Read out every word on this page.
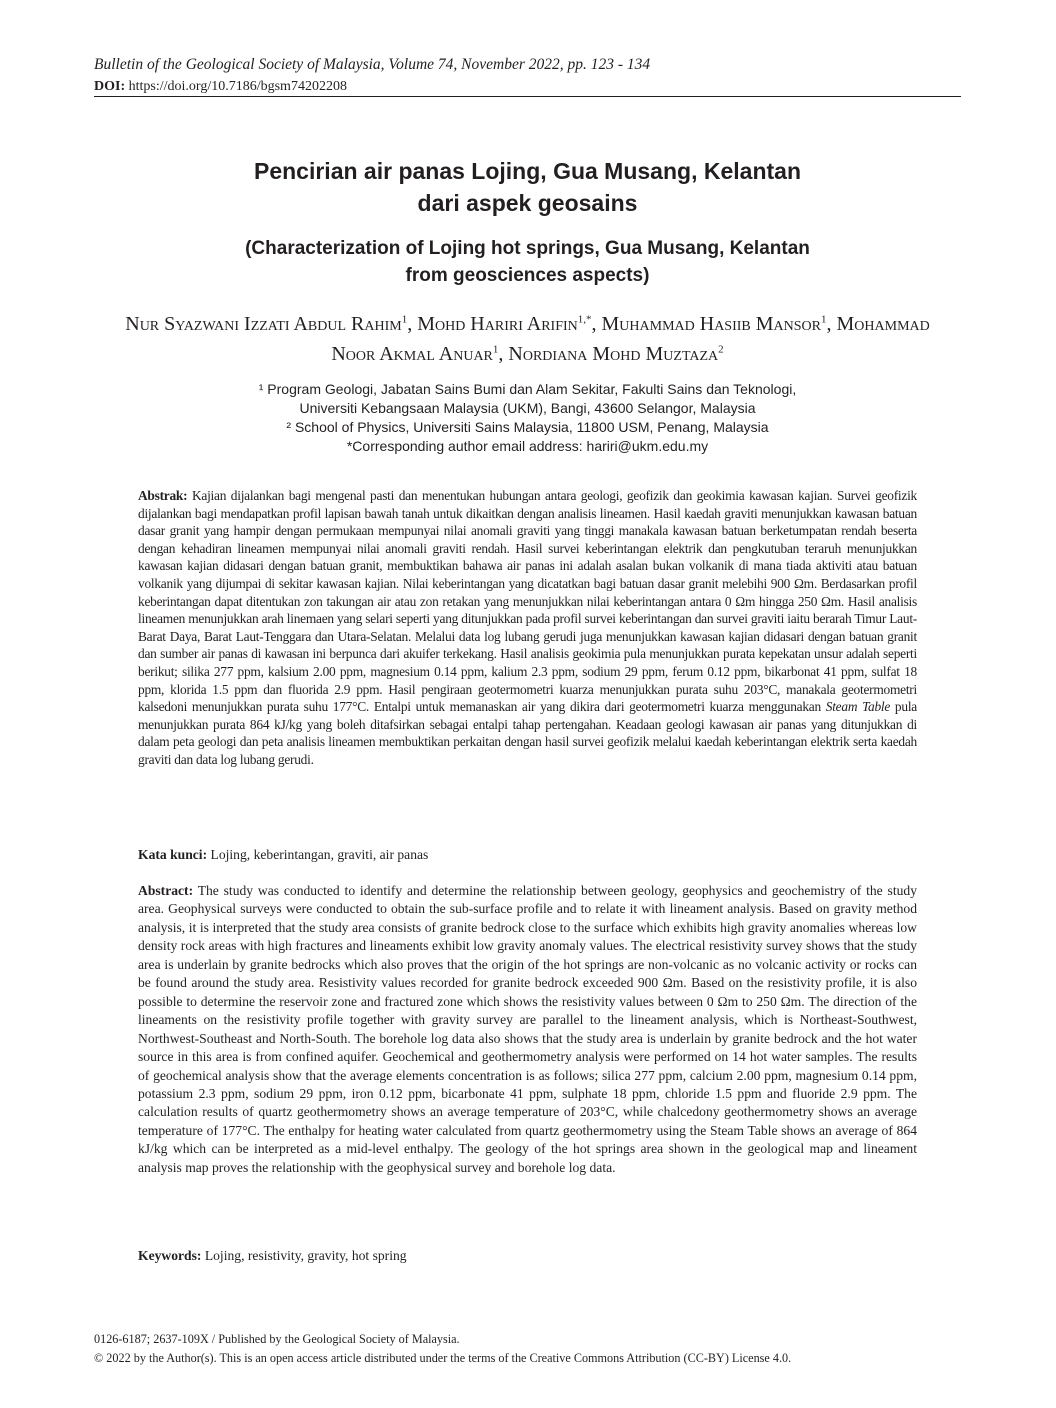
Bulletin of the Geological Society of Malaysia, Volume 74, November 2022, pp. 123 - 134

DOI: https://doi.org/10.7186/bgsm74202208

Pencirian air panas Lojing, Gua Musang, Kelantan
dari aspek geosains
(Characterization of Lojing hot springs, Gua Musang, Kelantan
from geosciences aspects)

Nur Syazwani Izzati Abdul Rahim$^1$, Mohd Hariri Arifin$^{1,*}$, Muhammad Hasiib Mansor$^1$, Mohammad Noor Akmal Anuar$^1$, Nordiana Mohd Muztaza$^2$

¹ Program Geologi, Jabatan Sains Bumi dan Alam Sekitar, Fakulti Sains dan Teknologi,
Universiti Kebangsaan Malaysia (UKM), Bangi, 43600 Selangor, Malaysia
² School of Physics, Universiti Sains Malaysia, 11800 USM, Penang, Malaysia
*Corresponding author email address: hariri@ukm.edu.my

Abstrak: Kajian dijalankan bagi mengenal pasti dan menentukan hubungan antara geologi, geofizik dan geokimia kawasan kajian. Survei geofizik dijalankan bagi mendapatkan profil lapisan bawah tanah untuk dikaitkan dengan analisis lineamen. Hasil kaedah graviti menunjukkan kawasan batuan dasar granit yang hampir dengan permukaan mempunyai nilai anomali graviti yang tinggi manakala kawasan batuan berketumpatan rendah beserta dengan kehadiran lineamen mempunyai nilai anomali graviti rendah. Hasil survei keberintangan elektrik dan pengkutuban teraruh menunjukkan kawasan kajian didasari dengan batuan granit, membuktikan bahawa air panas ini adalah asalan bukan volkanik di mana tiada aktiviti atau batuan volkanik yang dijumpai di sekitar kawasan kajian. Nilai keberintangan yang dicatatkan bagi batuan dasar granit melebihi 900 Ωm. Berdasarkan profil keberintangan dapat ditentukan zon takungan air atau zon retakan yang menunjukkan nilai keberintangan antara 0 Ωm hingga 250 Ωm. Hasil analisis lineamen menunjukkan arah linemaen yang selari seperti yang ditunjukkan pada profil survei keberintangan dan survei graviti iaitu berarah Timur Laut-Barat Daya, Barat Laut-Tenggara dan Utara-Selatan. Melalui data log lubang gerudi juga menunjukkan kawasan kajian didasari dengan batuan granit dan sumber air panas di kawasan ini berpunca dari akuifer terkekang. Hasil analisis geokimia pula menunjukkan purata kepekatan unsur adalah seperti berikut; silika 277 ppm, kalsium 2.00 ppm, magnesium 0.14 ppm, kalium 2.3 ppm, sodium 29 ppm, ferum 0.12 ppm, bikarbonat 41 ppm, sulfat 18 ppm, klorida 1.5 ppm dan fluorida 2.9 ppm. Hasil pengiraan geotermometri kuarza menunjukkan purata suhu 203°C, manakala geotermometri kalsedoni menunjukkan purata suhu 177°C. Entalpi untuk memanaskan air yang dikira dari geotermometri kuarza menggunakan Steam Table pula menunjukkan purata 864 kJ/kg yang boleh ditafsirkan sebagai entalpi tahap pertengahan. Keadaan geologi kawasan air panas yang ditunjukkan di dalam peta geologi dan peta analisis lineamen membuktikan perkaitan dengan hasil survei geofizik melalui kaedah keberintangan elektrik serta kaedah graviti dan data log lubang gerudi.

Kata kunci: Lojing, keberintangan, graviti, air panas

Abstract: The study was conducted to identify and determine the relationship between geology, geophysics and geochemistry of the study area. Geophysical surveys were conducted to obtain the sub-surface profile and to relate it with lineament analysis. Based on gravity method analysis, it is interpreted that the study area consists of granite bedrock close to the surface which exhibits high gravity anomalies whereas low density rock areas with high fractures and lineaments exhibit low gravity anomaly values. The electrical resistivity survey shows that the study area is underlain by granite bedrocks which also proves that the origin of the hot springs are non-volcanic as no volcanic activity or rocks can be found around the study area. Resistivity values recorded for granite bedrock exceeded 900 Ωm. Based on the resistivity profile, it is also possible to determine the reservoir zone and fractured zone which shows the resistivity values between 0 Ωm to 250 Ωm. The direction of the lineaments on the resistivity profile together with gravity survey are parallel to the lineament analysis, which is Northeast-Southwest, Northwest-Southeast and North-South. The borehole log data also shows that the study area is underlain by granite bedrock and the hot water source in this area is from confined aquifer. Geochemical and geothermometry analysis were performed on 14 hot water samples. The results of geochemical analysis show that the average elements concentration is as follows; silica 277 ppm, calcium 2.00 ppm, magnesium 0.14 ppm, potassium 2.3 ppm, sodium 29 ppm, iron 0.12 ppm, bicarbonate 41 ppm, sulphate 18 ppm, chloride 1.5 ppm and fluoride 2.9 ppm. The calculation results of quartz geothermometry shows an average temperature of 203°C, while chalcedony geothermometry shows an average temperature of 177°C. The enthalpy for heating water calculated from quartz geothermometry using the Steam Table shows an average of 864 kJ/kg which can be interpreted as a mid-level enthalpy. The geology of the hot springs area shown in the geological map and lineament analysis map proves the relationship with the geophysical survey and borehole log data.

Keywords: Lojing, resistivity, gravity, hot spring

0126-6187; 2637-109X / Published by the Geological Society of Malaysia.
© 2022 by the Author(s). This is an open access article distributed under the terms of the Creative Commons Attribution (CC-BY) License 4.0.
